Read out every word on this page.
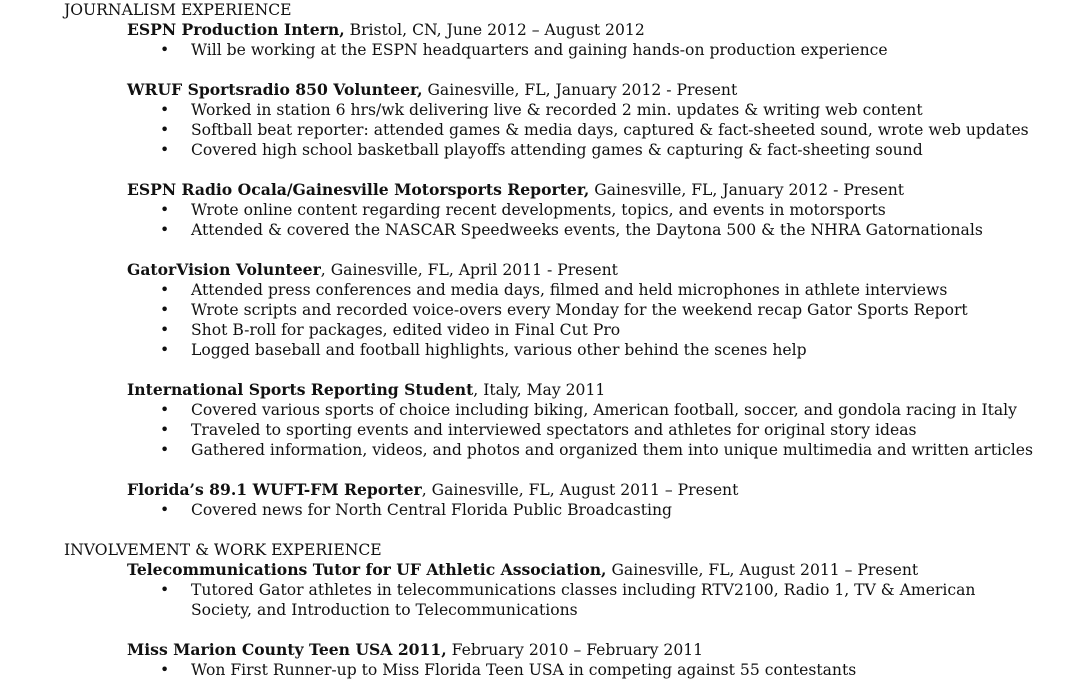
JOURNALISM EXPERIENCE
ESPN Production Intern, Bristol, CN, June 2012 – August 2012
• Will be working at the ESPN headquarters and gaining hands-on production experience
WRUF Sportsradio 850 Volunteer, Gainesville, FL, January 2012 - Present
• Worked in station 6 hrs/wk delivering live & recorded 2 min. updates & writing web content
• Softball beat reporter: attended games & media days, captured & fact-sheeted sound, wrote web updates
• Covered high school basketball playoffs attending games & capturing & fact-sheeting sound
ESPN Radio Ocala/Gainesville Motorsports Reporter, Gainesville, FL, January 2012 - Present
• Wrote online content regarding recent developments, topics, and events in motorsports
• Attended & covered the NASCAR Speedweeks events, the Daytona 500 & the NHRA Gatornationals
GatorVision Volunteer, Gainesville, FL, April 2011 - Present
• Attended press conferences and media days, filmed and held microphones in athlete interviews
• Wrote scripts and recorded voice-overs every Monday for the weekend recap Gator Sports Report
• Shot B-roll for packages, edited video in Final Cut Pro
• Logged baseball and football highlights, various other behind the scenes help
International Sports Reporting Student, Italy, May 2011
• Covered various sports of choice including biking, American football, soccer, and gondola racing in Italy
• Traveled to sporting events and interviewed spectators and athletes for original story ideas
• Gathered information, videos, and photos and organized them into unique multimedia and written articles
Florida’s 89.1 WUFT-FM Reporter, Gainesville, FL, August 2011 – Present
• Covered news for North Central Florida Public Broadcasting
INVOLVEMENT & WORK EXPERIENCE
Telecommunications Tutor for UF Athletic Association, Gainesville, FL, August 2011 – Present
• Tutored Gator athletes in telecommunications classes including RTV2100, Radio 1, TV & American Society, and Introduction to Telecommunications
Miss Marion County Teen USA 2011, February 2010 – February 2011
• Won First Runner-up to Miss Florida Teen USA in competing against 55 contestants
